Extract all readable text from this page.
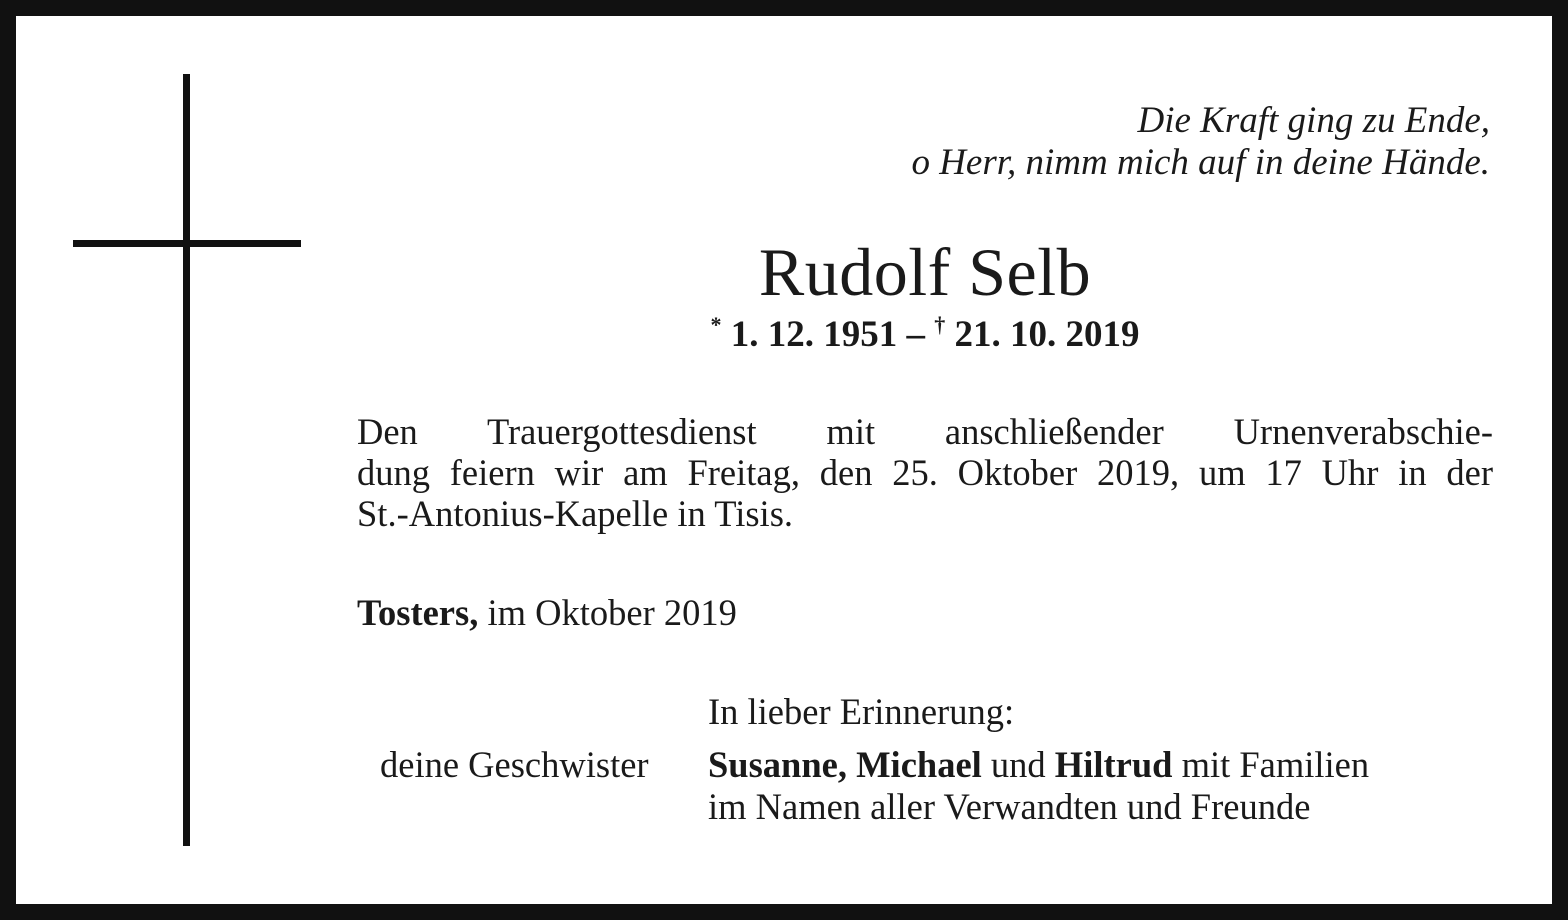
Die Kraft ging zu Ende,
o Herr, nimm mich auf in deine Hände.
Rudolf Selb
* 1. 12. 1951 – † 21. 10. 2019
Den Trauergottesdienst mit anschließender Urnenverabschie-
dung feiern wir am Freitag, den 25. Oktober 2019, um 17 Uhr in der
St.-Antonius-Kapelle in Tisis.
Tosters, im Oktober 2019
In lieber Erinnerung:
deine Geschwister Susanne, Michael und Hiltrud mit Familien
im Namen aller Verwandten und Freunde
